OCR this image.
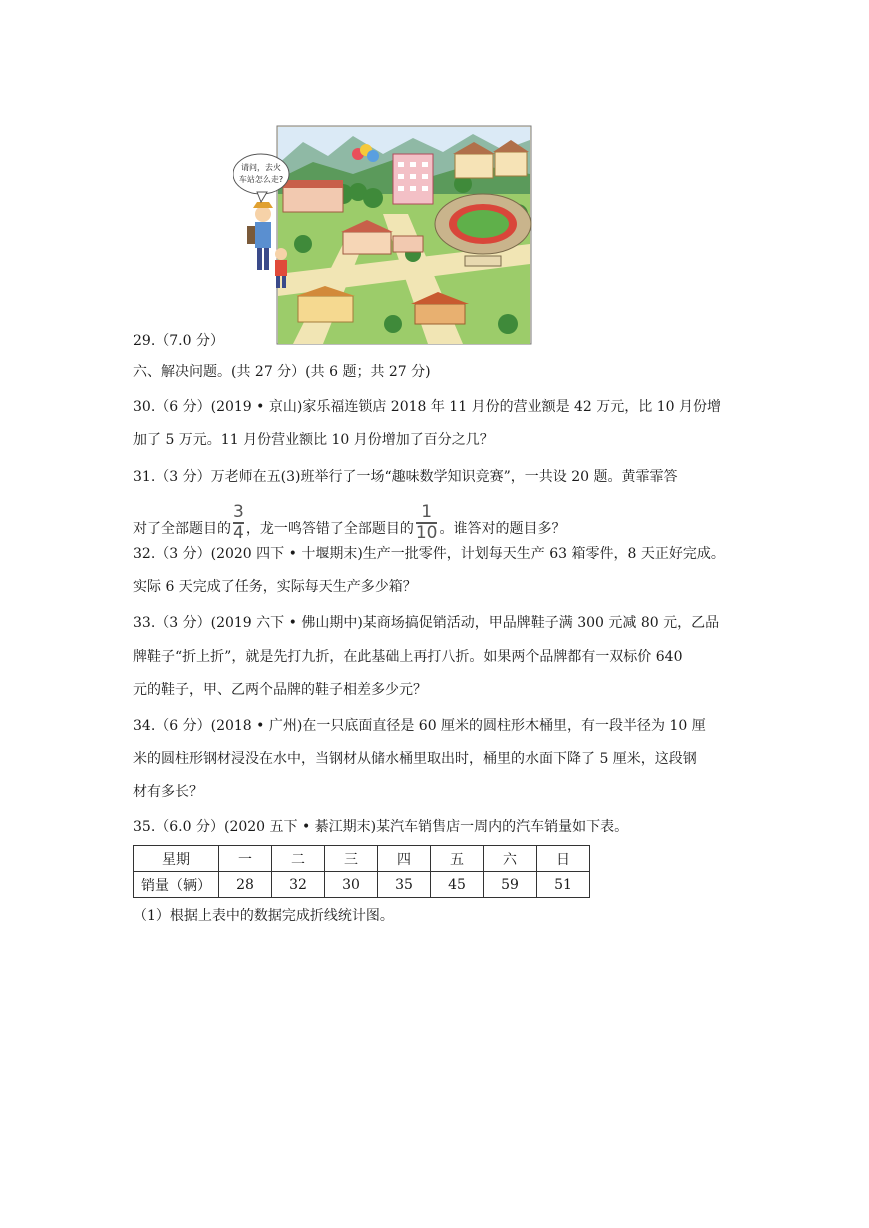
请问，去火
车站怎么走?
29.（7.0 分）
六、解决问题。(共 27 分）(共 6 题；共 27 分)
30.（6 分）(2019 • 京山)家乐福连锁店 2018 年 11 月份的营业额是 42 万元，比 10 月份增
加了 5 万元。11 月份营业额比 10 月份增加了百分之几？
31.（3 分）万老师在五(3)班举行了一场“趣味数学知识竞赛”，一共设 20 题。黄霏霏答
对了全部题目的 $\frac{3}{4}$ ，龙一鸣答错了全部题目的 $\frac{1}{10}$ 。谁答对的题目多？
32.（3 分）(2020 四下 • 十堰期末)生产一批零件，计划每天生产 63 箱零件，8 天正好完成。
实际 6 天完成了任务，实际每天生产多少箱？
33.（3 分）(2019 六下 • 佛山期中)某商场搞促销活动，甲品牌鞋子满 300 元减 80 元，乙品
牌鞋子“折上折”，就是先打九折，在此基础上再打八折。如果两个品牌都有一双标价 640
元的鞋子，甲、乙两个品牌的鞋子相差多少元？
34.（6 分）(2018 • 广州)在一只底面直径是 60 厘米的圆柱形木桶里，有一段半径为 10 厘
米的圆柱形钢材浸没在水中，当钢材从储水桶里取出时，桶里的水面下降了 5 厘米，这段钢
材有多长？
35.（6.0 分）(2020 五下 • 綦江期末)某汽车销售店一周内的汽车销量如下表。
星期	一	二	三	四	五	六	日
销量（辆）	28	32	30	35	45	59	51
（1）根据上表中的数据完成折线统计图。
